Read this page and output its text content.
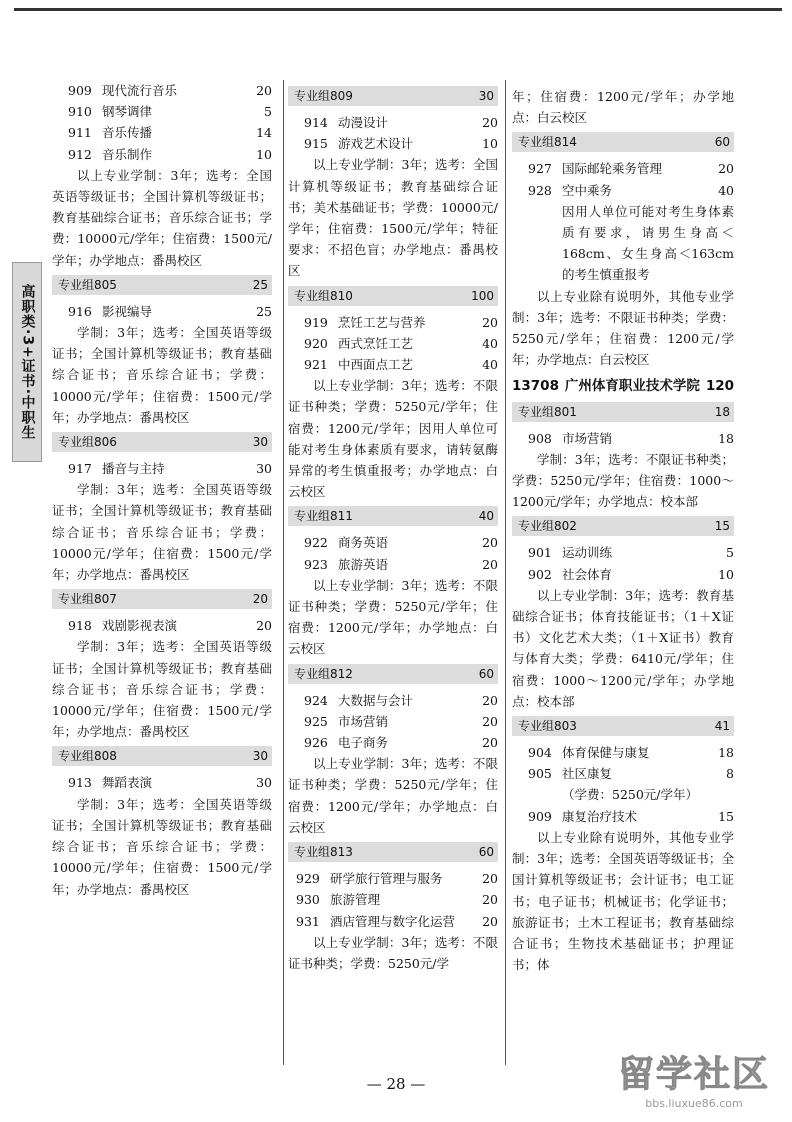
高职类·3+证书·中职生
909 现代流行音乐	20
910 钢琴调律	5
911 音乐传播	14
912 音乐制作	10
以上专业学制：3年；选考：全国英语等级证书；全国计算机等级证书；教育基础综合证书；音乐综合证书；学费：10000元/学年；住宿费：1500元/学年；办学地点：番禺校区
专业组805	25
916 影视编导	25
学制：3年；选考：全国英语等级证书；全国计算机等级证书；教育基础综合证书；音乐综合证书；学费：10000元/学年；住宿费：1500元/学年；办学地点：番禺校区
专业组806	30
917 播音与主持	30
学制：3年；选考：全国英语等级证书；全国计算机等级证书；教育基础综合证书；音乐综合证书；学费：10000元/学年；住宿费：1500元/学年；办学地点：番禺校区
专业组807	20
918 戏剧影视表演	20
学制：3年；选考：全国英语等级证书；全国计算机等级证书；教育基础综合证书；音乐综合证书；学费：10000元/学年；住宿费：1500元/学年；办学地点：番禺校区
专业组808	30
913 舞蹈表演	30
学制：3年；选考：全国英语等级证书；全国计算机等级证书；教育基础综合证书；音乐综合证书；学费：10000元/学年；住宿费：1500元/学年；办学地点：番禺校区
专业组809	30
914 动漫设计	20
915 游戏艺术设计	10
以上专业学制：3年；选考：全国计算机等级证书；教育基础综合证书；美术基础证书；学费：10000元/学年；住宿费：1500元/学年；特征要求：不招色盲；办学地点：番禺校区
专业组810	100
919 烹饪工艺与营养	20
920 西式烹饪工艺	40
921 中西面点工艺	40
以上专业学制：3年；选考：不限证书种类；学费：5250元/学年；住宿费：1200元/学年；因用人单位可能对考生身体素质有要求，请转氨酶异常的考生慎重报考；办学地点：白云校区
专业组811	40
922 商务英语	20
923 旅游英语	20
以上专业学制：3年；选考：不限证书种类；学费：5250元/学年；住宿费：1200元/学年；办学地点：白云校区
专业组812	60
924 大数据与会计	20
925 市场营销	20
926 电子商务	20
以上专业学制：3年；选考：不限证书种类；学费：5250元/学年；住宿费：1200元/学年；办学地点：白云校区
专业组813	60
929 研学旅行管理与服务	20
930 旅游管理	20
931 酒店管理与数字化运营	20
以上专业学制：3年；选考：不限证书种类；学费：5250元/学
年；住宿费：1200元/学年；办学地点：白云校区
专业组814	60
927 国际邮轮乘务管理	20
928 空中乘务	40
因用人单位可能对考生身体素质有要求，请男生身高＜168cm、女生身高＜163cm的考生慎重报考
以上专业除有说明外，其他专业学制：3年；选考：不限证书种类；学费：5250元/学年；住宿费：1200元/学年；办学地点：白云校区
13708 广州体育职业技术学院 120
专业组801	18
908 市场营销	18
学制：3年；选考：不限证书种类；学费：5250元/学年；住宿费：1000～1200元/学年；办学地点：校本部
专业组802	15
901 运动训练	5
902 社会体育	10
以上专业学制：3年；选考：教育基础综合证书；体育技能证书；（1＋X证书）文化艺术大类；（1＋X证书）教育与体育大类；学费：6410元/学年；住宿费：1000～1200元/学年；办学地点：校本部
专业组803	41
904 体育保健与康复	18
905 社区康复	8
（学费：5250元/学年）
909 康复治疗技术	15
以上专业除有说明外，其他专业学制：3年；选考：全国英语等级证书；全国计算机等级证书；会计证书；电工证书；电子证书；机械证书；化学证书；旅游证书；土木工程证书；教育基础综合证书；生物技术基础证书；护理证书；体
— 28 —	留学社区
bbs.liuxue86.com
